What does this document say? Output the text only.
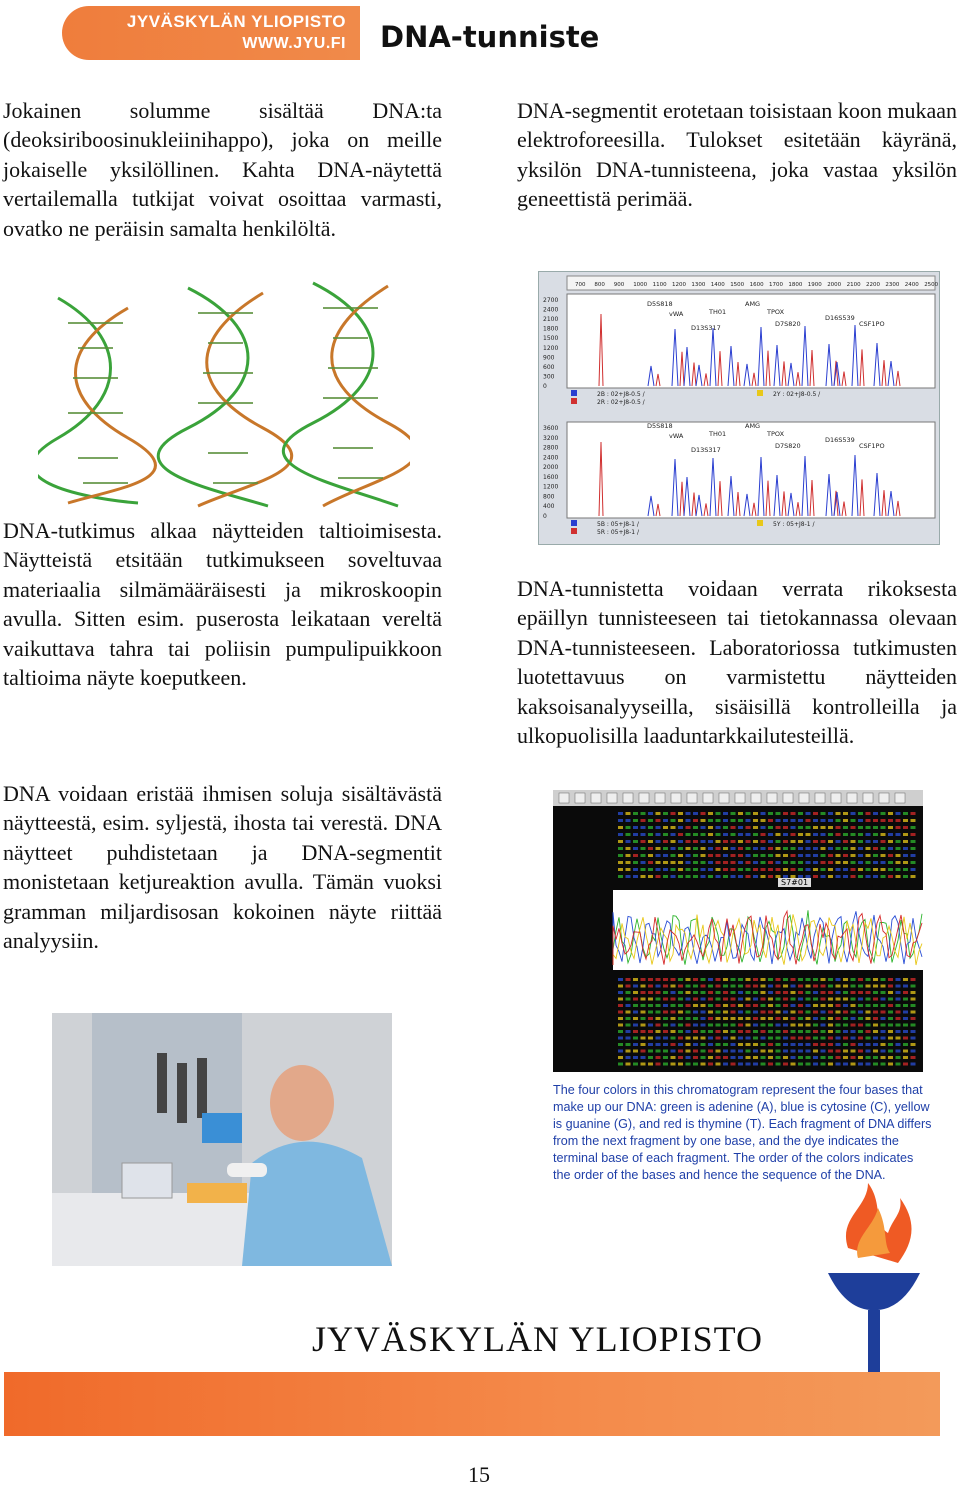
JYVÄSKYLÄN YLIOPISTO
WWW.JYU.FI DNA-tunniste

Jokainen solumme sisältää DNA:ta (deoksiriboosinukleiinihappo), joka on meille jokaiselle yksilöllinen. Kahta DNA-näytettä vertailemalla tutkijat voivat osoittaa varmasti, ovatko ne peräisin samalta henkilöltä.

DNA-segmentit erotetaan toisistaan koon mukaan elektroforeesilla. Tulokset esitetään käyränä, yksilön DNA-tunnisteena, joka vastaa yksilön geneettistä perimää.

DNA-tutkimus alkaa näytteiden taltioimisesta. Näytteistä etsitään tutkimukseen soveltuvaa materiaalia silmämääräisesti ja mikroskoopin avulla. Sitten esim. puserosta leikataan vereltä vaikuttava tahra tai poliisin pumpulipuikkoon taltioima näyte koeputkeen.

DNA-tunnistetta voidaan verrata rikoksesta epäillyn tunnisteeseen tai tietokannassa olevaan DNA-tunnisteeseen. Laboratoriossa tutkimusten luotettavuus on varmistettu näytteiden kaksoisanalyyseilla, sisäisillä kontrolleilla ja ulkopuolisilla laaduntarkkailutesteillä.

DNA voidaan eristää ihmisen soluja sisältävästä näytteestä, esim. syljestä, ihosta tai verestä. DNA näytteet puhdistetaan ja DNA-segmentit monistetaan ketjureaktion avulla. Tämän vuoksi gramman miljardisosan kokoinen näyte riittää analyysiin.

700 800 900 1000 1100 1200 1300 1400 1500 1600 1700 1800 1900 2000 2100 2200 2300 2400 2500
2700
2400
2100
1800
1500
1200
900
600
300
0
D5S818
vWA	TH01
D13S317
AMG
TPOX
D7S820
D16S539
CSF1PO
2B : 02+J8-0.5 /
2R : 02+J8-0.5 /
2Y : 02+J8-0.5 /
3600
3200
2800
2400
2000
1600
1200
800
400
0
D5S818
vWA	TH01
D13S317
AMG
TPOX
D7S820
D16S539
CSF1PO
5B : 05+J8-1 /
5R : 05+J8-1 /
5Y : 05+J8-1 /
S7#01
The four colors in this chromatogram represent the four bases that make up our DNA: green is adenine (A), blue is cytosine (C), yellow is guanine (G), and red is thymine (T). Each fragment of DNA differs from the next fragment by one base, and the dye indicates the terminal base of each fragment. The order of the colors indicates the order of the bases and hence the sequence of the DNA.
JYVÄSKYLÄN YLIOPISTO
15
